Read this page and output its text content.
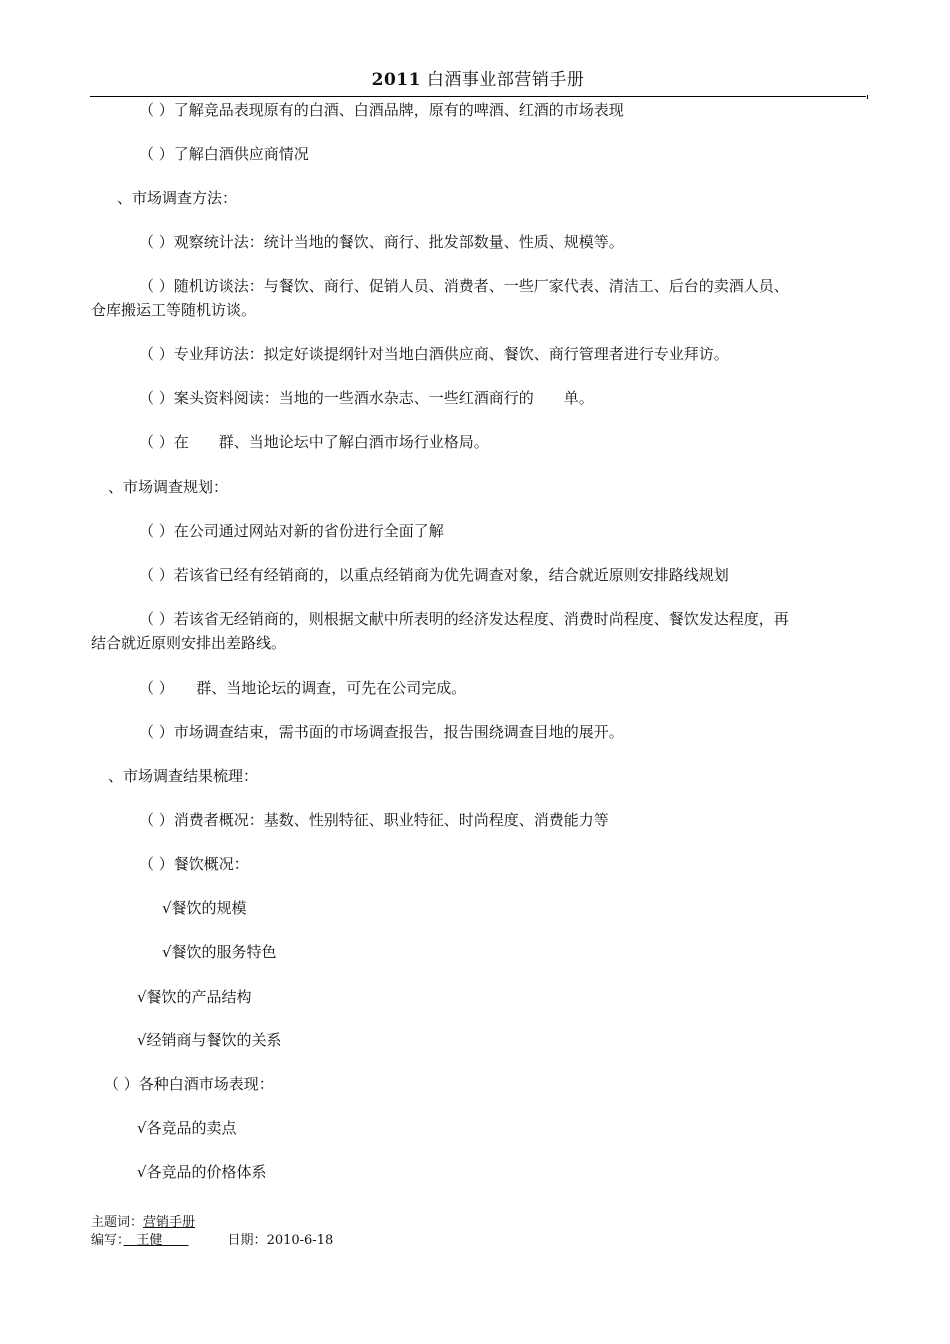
2011 白酒事业部营销手册
（ ）了解竞品表现原有的白酒、白酒品牌，原有的啤酒、红酒的市场表现
（ ）了解白酒供应商情况
、市场调查方法：
（ ）观察统计法：统计当地的餐饮、商行、批发部数量、性质、规模等。
（ ）随机访谈法：与餐饮、商行、促销人员、消费者、一些厂家代表、清洁工、后台的卖酒人员、
仓库搬运工等随机访谈。
（ ）专业拜访法：拟定好谈提纲针对当地白酒供应商、餐饮、商行管理者进行专业拜访。
（ ）案头资料阅读：当地的一些酒水杂志、一些红酒商行的　　单。
（ ）在　　群、当地论坛中了解白酒市场行业格局。
、市场调查规划：
（ ）在公司通过网站对新的省份进行全面了解
（ ）若该省已经有经销商的，以重点经销商为优先调查对象，结合就近原则安排路线规划
（ ）若该省无经销商的，则根据文献中所表明的经济发达程度、消费时尚程度、餐饮发达程度，再
结合就近原则安排出差路线。
（ ）　　群、当地论坛的调查，可先在公司完成。
（ ）市场调查结束，需书面的市场调查报告，报告围绕调查目地的展开。
、市场调查结果梳理：
（ ）消费者概况：基数、性别特征、职业特征、时尚程度、消费能力等
（ ）餐饮概况：
√餐饮的规模
√餐饮的服务特色
√餐饮的产品结构
√经销商与餐饮的关系
（ ）各种白酒市场表现：
√各竞品的卖点
√各竞品的价格体系
主题词：营销手册
编写：　王健　　　　　	日期：2010-6-18
